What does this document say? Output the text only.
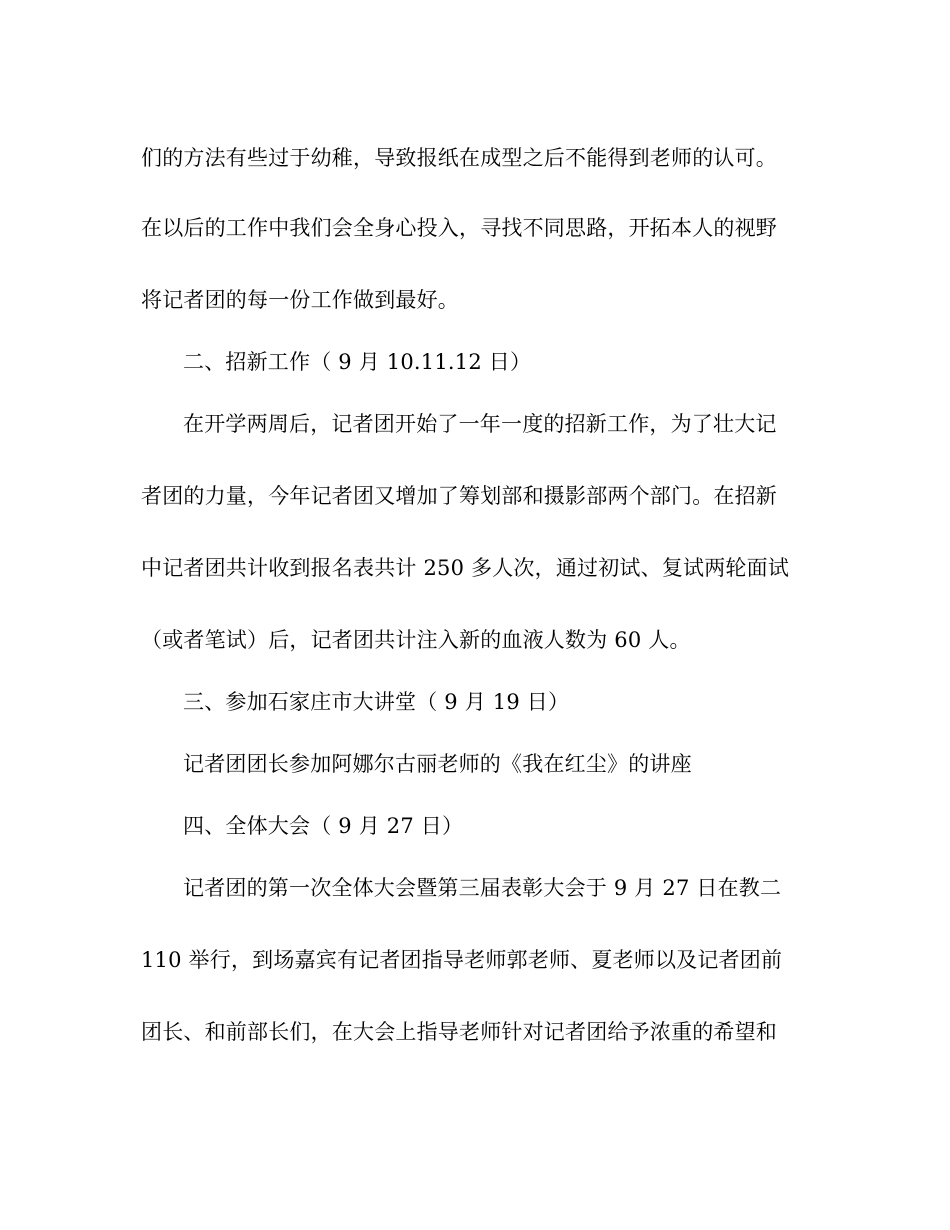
们的方法有些过于幼稚，导致报纸在成型之后不能得到老师的认可。
在以后的工作中我们会全身心投入，寻找不同思路，开拓本人的视野
将记者团的每一份工作做到最好。
二、招新工作（ 9 月 10.11.12 日）
在开学两周后，记者团开始了一年一度的招新工作，为了壮大记
者团的力量，今年记者团又增加了筹划部和摄影部两个部门。在招新
中记者团共计收到报名表共计 250 多人次，通过初试、复试两轮面试
（或者笔试）后，记者团共计注入新的血液人数为 60 人。
三、参加石家庄市大讲堂（ 9 月 19 日）
记者团团长参加阿娜尔古丽老师的《我在红尘》的讲座
四、全体大会（ 9 月 27 日）
记者团的第一次全体大会暨第三届表彰大会于 9 月 27 日在教二
110 举行，到场嘉宾有记者团指导老师郭老师、夏老师以及记者团前
团长、和前部长们，在大会上指导老师针对记者团给予浓重的希望和
